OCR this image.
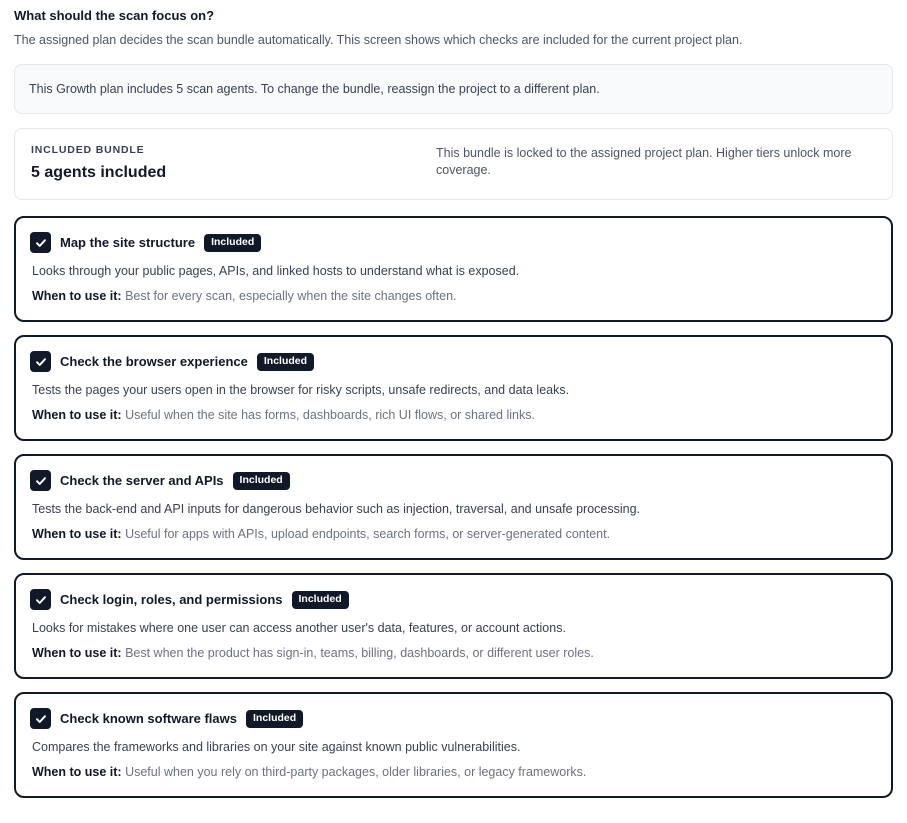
What should the scan focus on?
The assigned plan decides the scan bundle automatically. This screen shows which checks are included for the current project plan.
This Growth plan includes 5 scan agents. To change the bundle, reassign the project to a different plan.
INCLUDED BUNDLE
5 agents included
This bundle is locked to the assigned project plan. Higher tiers unlock more coverage.
Map the site structure	Included
Looks through your public pages, APIs, and linked hosts to understand what is exposed.
When to use it: Best for every scan, especially when the site changes often.
Check the browser experience	Included
Tests the pages your users open in the browser for risky scripts, unsafe redirects, and data leaks.
When to use it: Useful when the site has forms, dashboards, rich UI flows, or shared links.
Check the server and APIs	Included
Tests the back-end and API inputs for dangerous behavior such as injection, traversal, and unsafe processing.
When to use it: Useful for apps with APIs, upload endpoints, search forms, or server-generated content.
Check login, roles, and permissions	Included
Looks for mistakes where one user can access another user's data, features, or account actions.
When to use it: Best when the product has sign-in, teams, billing, dashboards, or different user roles.
Check known software flaws	Included
Compares the frameworks and libraries on your site against known public vulnerabilities.
When to use it: Useful when you rely on third-party packages, older libraries, or legacy frameworks.
